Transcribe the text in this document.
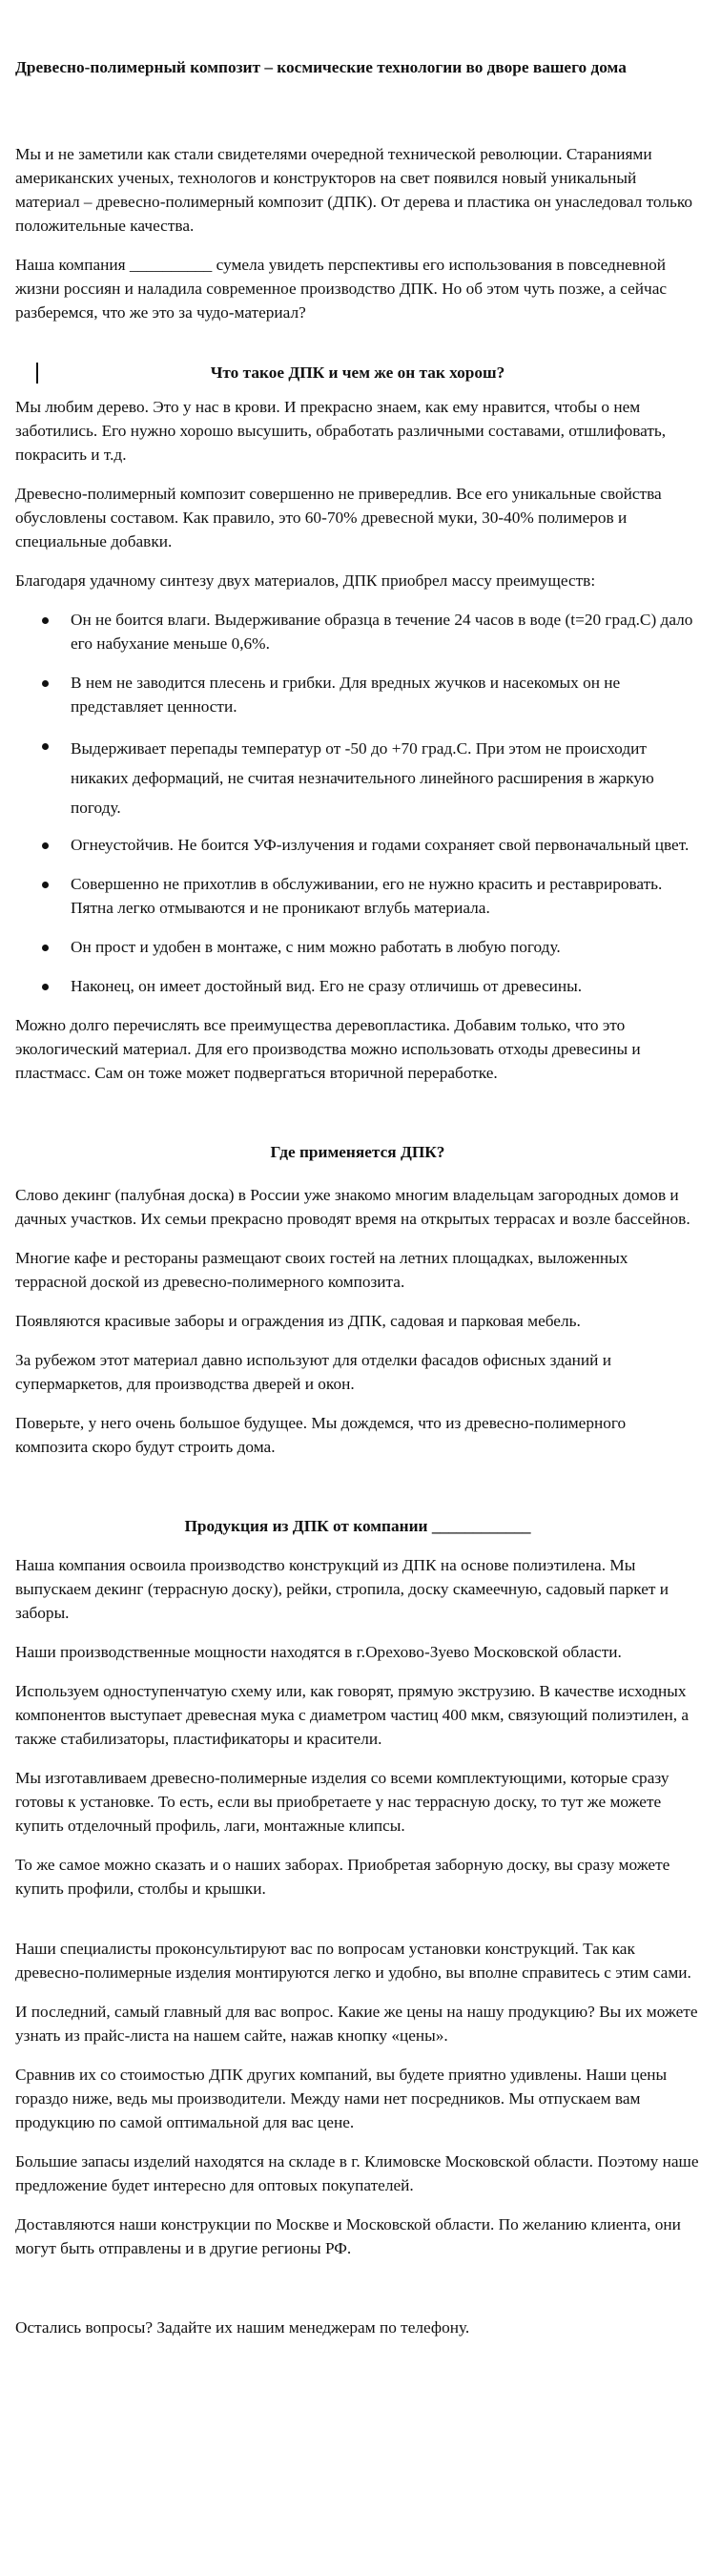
Древесно-полимерный композит – космические технологии во дворе вашего дома

Мы и не заметили как стали свидетелями очередной технической революции. Стараниями американских ученых, технологов и конструкторов на свет появился новый уникальный материал – древесно-полимерный композит (ДПК). От дерева и пластика он унаследовал только положительные качества.

Наша компания __________ сумела увидеть перспективы его использования в повседневной жизни россиян и наладила современное производство ДПК. Но об этом чуть позже, а сейчас разберемся, что же это за чудо-материал?

Что такое ДПК и чем же он так хорош?

Мы любим дерево. Это у нас в крови. И прекрасно знаем, как ему нравится, чтобы о нем заботились. Его нужно хорошо высушить, обработать различными составами, отшлифовать, покрасить и т.д.

Древесно-полимерный композит совершенно не привередлив. Все его уникальные свойства обусловлены составом. Как правило, это 60-70% древесной муки, 30-40% полимеров и специальные добавки.

Благодаря удачному синтезу двух материалов, ДПК приобрел массу преимуществ:

Он не боится влаги. Выдерживание образца в течение 24 часов в воде (t=20 град.С) дало его набухание меньше 0,6%.
В нем не заводится плесень и грибки. Для вредных жучков и насекомых он не представляет ценности.
Выдерживает перепады температур от -50 до +70 град.С. При этом не происходит никаких деформаций, не считая незначительного линейного расширения в жаркую погоду.
Огнеустойчив. Не боится УФ-излучения и годами сохраняет свой первоначальный цвет.
Совершенно не прихотлив в обслуживании, его не нужно красить и реставрировать. Пятна легко отмываются и не проникают вглубь материала.
Он прост и удобен в монтаже, с ним можно работать в любую погоду.
Наконец, он имеет достойный вид. Его не сразу отличишь от древесины.

Можно долго перечислять все преимущества деревопластика. Добавим только, что это экологический материал. Для его производства можно использовать отходы древесины и пластмасс. Сам он тоже может подвергаться вторичной переработке.

Где применяется ДПК?

Слово декинг (палубная доска) в России уже знакомо многим владельцам загородных домов и дачных участков. Их семьи прекрасно проводят время на открытых террасах и возле бассейнов.

Многие кафе и рестораны размещают своих гостей на летних площадках, выложенных террасной доской из древесно-полимерного композита.

Появляются красивые заборы и ограждения из ДПК, садовая и парковая мебель.

За рубежом этот материал давно используют для отделки фасадов офисных зданий и супермаркетов, для производства дверей и окон.

Поверьте, у него очень большое будущее. Мы дождемся, что из древесно-полимерного композита скоро будут строить дома.

Продукция из ДПК от компании ____________

Наша компания освоила производство конструкций из ДПК на основе полиэтилена. Мы выпускаем декинг (террасную доску), рейки, стропила, доску скамеечную, садовый паркет и заборы.

Наши производственные мощности находятся в г.Орехово-Зуево Московской области.

Используем одноступенчатую схему или, как говорят, прямую экструзию. В качестве исходных компонентов выступает древесная мука с диаметром частиц 400 мкм, связующий полиэтилен, а также стабилизаторы, пластификаторы и красители.

Мы изготавливаем древесно-полимерные изделия со всеми комплектующими, которые сразу готовы к установке. То есть, если вы приобретаете у нас террасную доску, то тут же можете купить отделочный профиль, лаги, монтажные клипсы.

То же самое можно сказать и о наших заборах. Приобретая заборную доску, вы сразу можете купить профили, столбы и крышки.

Наши специалисты проконсультируют вас по вопросам установки конструкций. Так как древесно-полимерные изделия монтируются легко и удобно, вы вполне справитесь с этим сами.

И последний, самый главный для вас вопрос. Какие же цены на нашу продукцию? Вы их можете узнать из прайс-листа на нашем сайте, нажав кнопку «цены».

Сравнив их со стоимостью ДПК других компаний, вы будете приятно удивлены. Наши цены гораздо ниже, ведь мы производители. Между нами нет посредников. Мы отпускаем вам продукцию по самой оптимальной для вас цене.

Большие запасы изделий находятся на складе в г. Климовске Московской области. Поэтому наше предложение будет интересно для оптовых покупателей.

Доставляются наши конструкции по Москве и Московской области. По желанию клиента, они могут быть отправлены и в другие регионы РФ.

Остались вопросы? Задайте их нашим менеджерам по телефону.
